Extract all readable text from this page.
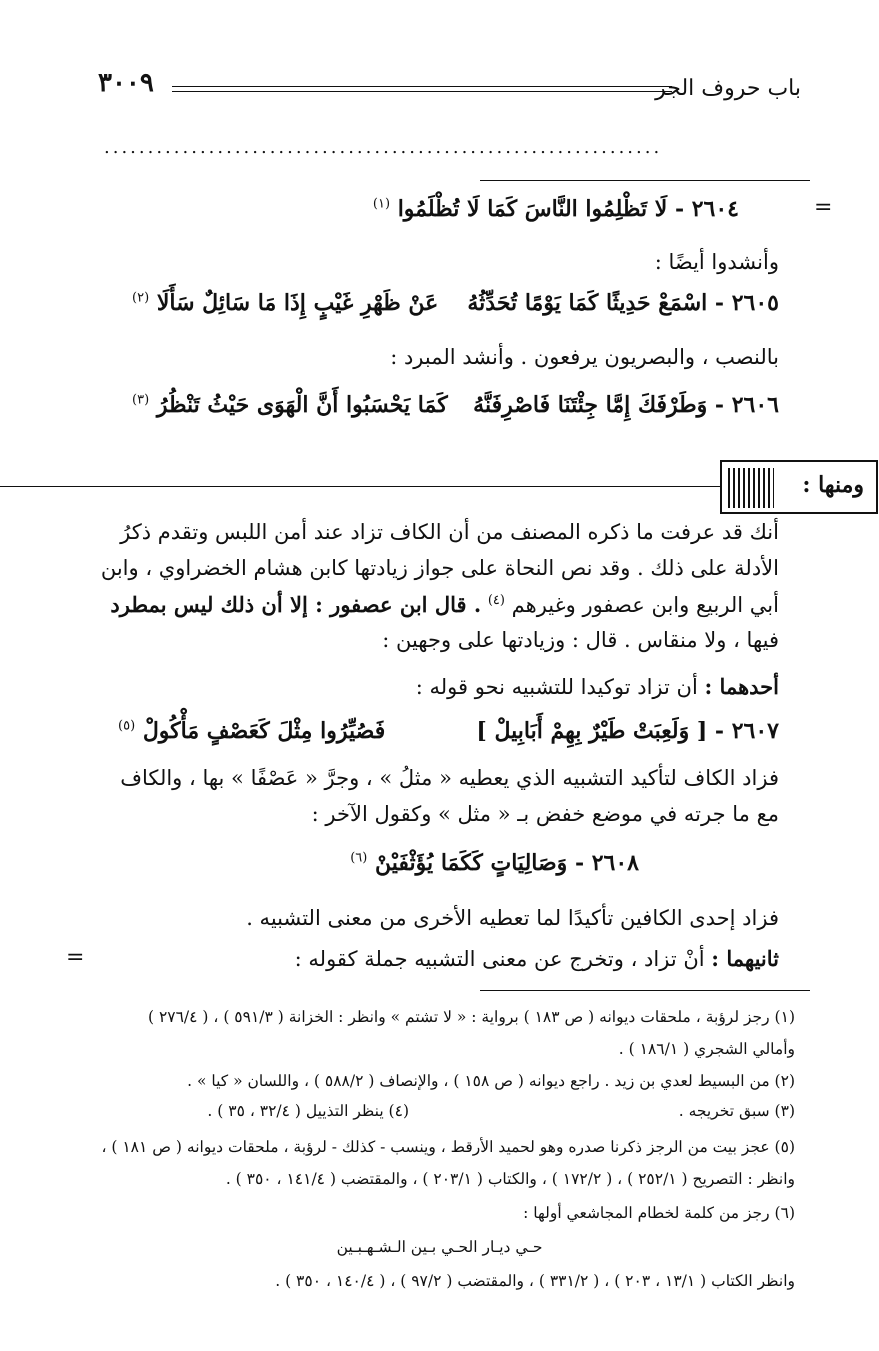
باب حروف الجر
٣٠٠٩
................................................................
=
=
٢٦٠٤ - لَا تَظْلِمُوا النَّاسَ كَمَا لَا تُظْلَمُوا $^{(١)}$
وأنشدوا أيضًا :
٢٦٠٥ - اسْمَعْ حَدِيثًا كَمَا يَوْمًا تُحَدِّثُهُ
عَنْ ظَهْرِ غَيْبٍ إِذَا مَا سَائِلٌ سَأَلَا $^{(٢)}$
بالنصب ، والبصريون يرفعون . وأنشد المبرد :
٢٦٠٦ - وَطَرْفَكَ إِمَّا جِئْتَنَا فَاصْرِفَنَّهُ
كَمَا يَحْسَبُوا أَنَّ الْهَوَى حَيْثُ تَنْظُرُ $^{(٣)}$
ومنها :
أنك قد عرفت ما ذكره المصنف من أن الكاف تزاد عند أمن اللبس وتقدم ذكرُ
الأدلة على ذلك . وقد نص النحاة على جواز زيادتها كابن هشام الخضراوي ، وابن
أبي الربيع وابن عصفور وغيرهم $^{(٤)}$ . قال ابن عصفور : إلا أن ذلك ليس بمطرد
فيها ، ولا منقاس . قال : وزيادتها على وجهين :
أحدهما : أن تزاد توكيدا للتشبيه نحو قوله :
٢٦٠٧ - [ وَلَعِبَتْ طَيْرٌ بِهِمْ أَبَابِيلْ ]
فَصُيِّرُوا مِثْلَ كَعَصْفٍ مَأْكُولْ $^{(٥)}$
فزاد الكاف لتأكيد التشبيه الذي يعطيه « مثلُ » ، وجرَّ « عَصْفًا » بها ، والكاف
مع ما جرته في موضع خفض بـ « مثل » وكقول الآخر :
٢٦٠٨ - وَصَالِيَاتٍ كَكَمَا يُؤَثْفَيْنْ $^{(٦)}$
فزاد إحدى الكافين تأكيدًا لما تعطيه الأخرى من معنى التشبيه .
ثانيهما : أنْ تزاد ، وتخرج عن معنى التشبيه جملة كقوله :
(١) رجز لرؤبة ، ملحقات ديوانه ( ص ١٨٣ ) برواية : « لا تشتم » وانظر : الخزانة ( ٥٩١/٣ ) ، ( ٢٧٦/٤ )
وأمالي الشجري ( ١٨٦/١ ) .
(٢) من البسيط لعدي بن زيد . راجع ديوانه ( ص ١٥٨ ) ، والإنصاف ( ٥٨٨/٢ ) ، واللسان « كيا » .
(٣) سبق تخريجه .
(٤) ينظر التذييل ( ٣٢/٤ ، ٣٥ ) .
(٥) عجز بيت من الرجز ذكرنا صدره وهو لحميد الأرقط ، وينسب - كذلك - لرؤبة ، ملحقات ديوانه ( ص ١٨١ ) ،
وانظر : التصريح ( ٢٥٢/١ ) ، ( ١٧٢/٢ ) ، والكتاب ( ٢٠٣/١ ) ، والمقتضب ( ١٤١/٤ ، ٣٥٠ ) .
(٦) رجز من كلمة لخطام المجاشعي أولها :
حـي ديـار الحـي بـين الـشـهـبـين
وانظر الكتاب ( ١٣/١ ، ٢٠٣ ) ، ( ٣٣١/٢ ) ، والمقتضب ( ٩٧/٢ ) ، ( ١٤٠/٤ ، ٣٥٠ ) .
